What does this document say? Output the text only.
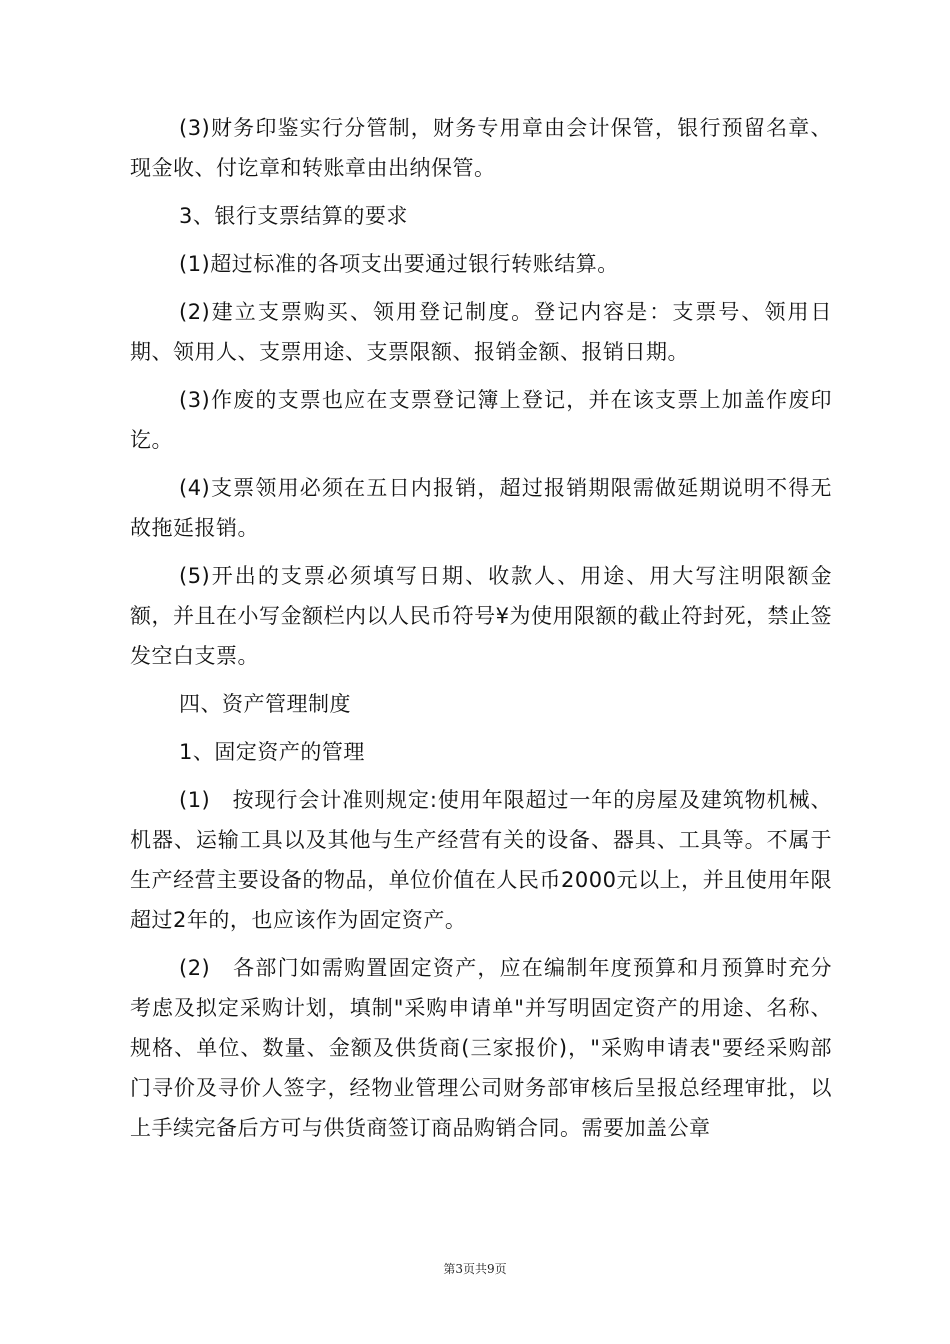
(3)财务印鉴实行分管制，财务专用章由会计保管，银行预留名章、现金收、付讫章和转账章由出纳保管。

3、银行支票结算的要求

(1)超过标准的各项支出要通过银行转账结算。

(2)建立支票购买、领用登记制度。登记内容是：支票号、领用日期、领用人、支票用途、支票限额、报销金额、报销日期。

(3)作废的支票也应在支票登记簿上登记，并在该支票上加盖作废印讫。

(4)支票领用必须在五日内报销，超过报销期限需做延期说明不得无故拖延报销。

(5)开出的支票必须填写日期、收款人、用途、用大写注明限额金额，并且在小写金额栏内以人民币符号¥为使用限额的截止符封死，禁止签发空白支票。

四、资产管理制度

1、固定资产的管理

(1)　按现行会计准则规定:使用年限超过一年的房屋及建筑物机械、机器、运输工具以及其他与生产经营有关的设备、器具、工具等。不属于生产经营主要设备的物品，单位价值在人民币2000元以上，并且使用年限超过2年的，也应该作为固定资产。

(2)　各部门如需购置固定资产，应在编制年度预算和月预算时充分考虑及拟定采购计划，填制"采购申请单"并写明固定资产的用途、名称、规格、单位、数量、金额及供货商(三家报价)，"采购申请表"要经采购部门寻价及寻价人签字，经物业管理公司财务部审核后呈报总经理审批，以上手续完备后方可与供货商签订商品购销合同。需要加盖公章

第3页共9页
